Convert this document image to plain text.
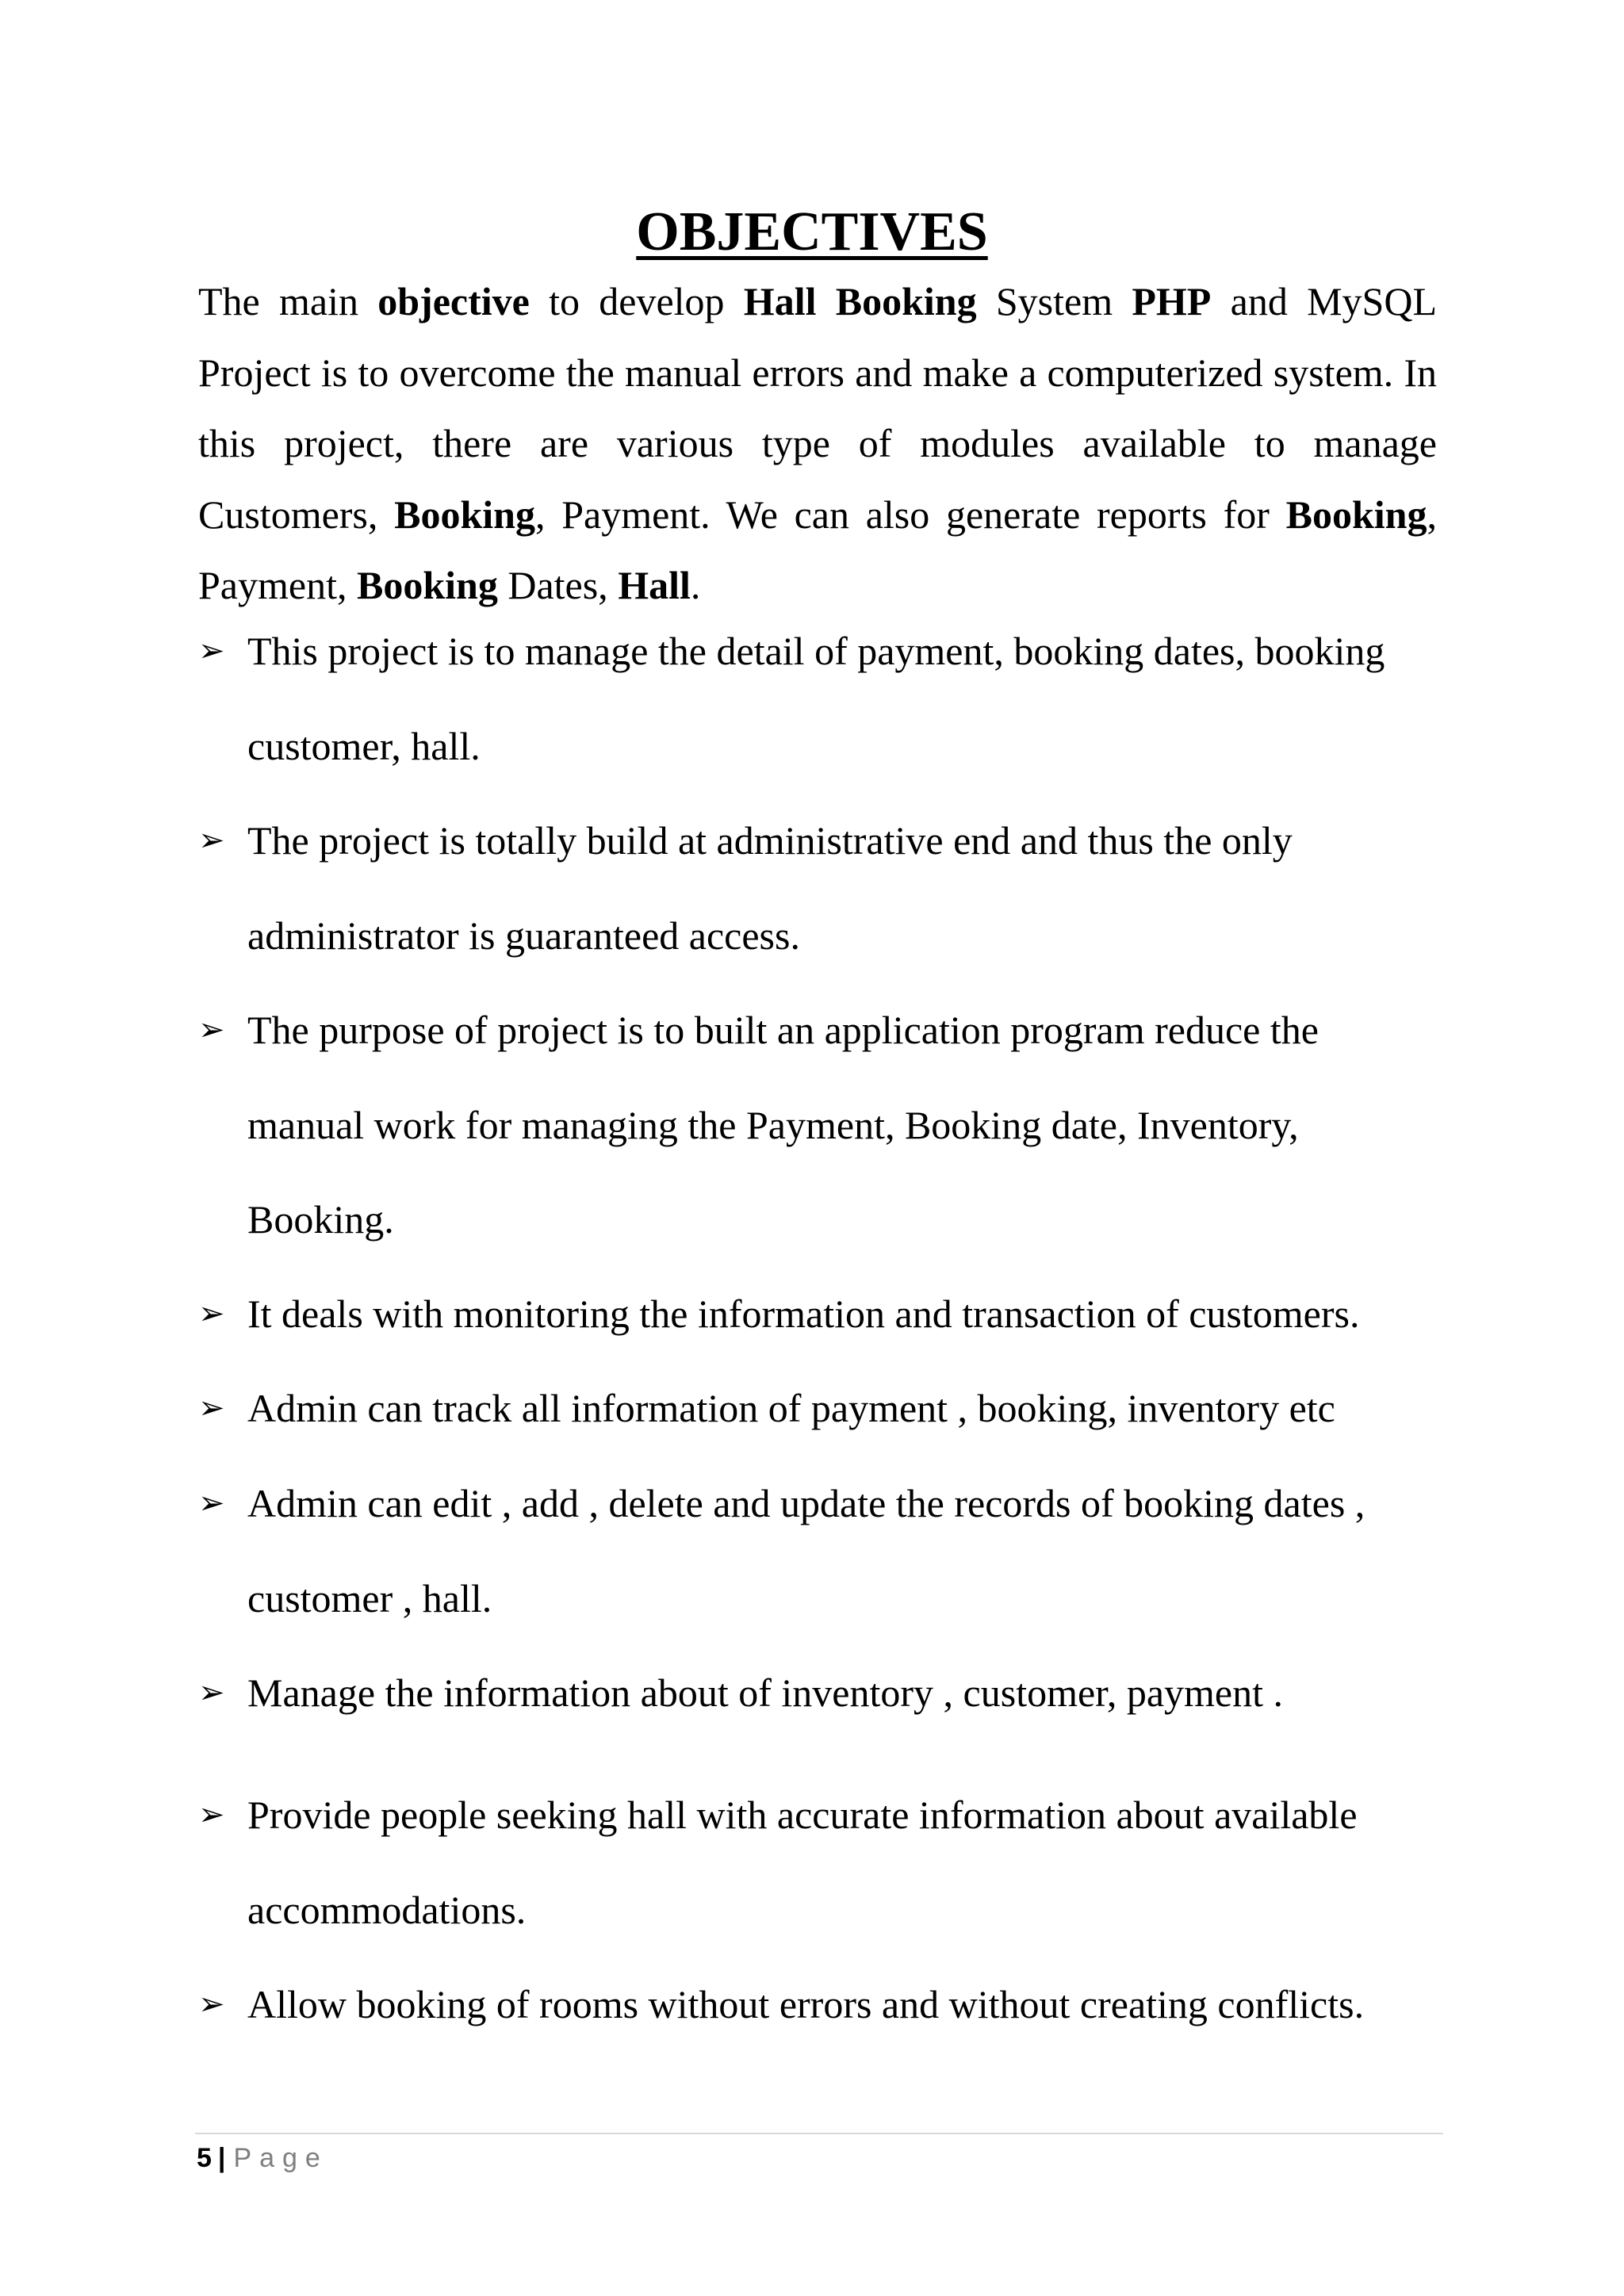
OBJECTIVES

The main objective to develop Hall Booking System PHP and MySQL Project is to overcome the manual errors and make a computerized system. In this project, there are various type of modules available to manage Customers, Booking, Payment. We can also generate reports for Booking, Payment, Booking Dates, Hall.

➢ This project is to manage the detail of payment, booking dates, booking
customer, hall.
➢ The project is totally build at administrative end and thus the only
administrator is guaranteed access.
➢ The purpose of project is to built an application program reduce the
manual work for managing the Payment, Booking date, Inventory,
Booking.
➢ It deals with monitoring the information and transaction of customers.
➢ Admin can track all information of payment , booking, inventory etc
➢ Admin can edit , add , delete and update the records of booking dates ,
customer , hall.
➢ Manage the information about of inventory , customer, payment .
➢ Provide people seeking hall with accurate information about available
accommodations.
➢ Allow booking of rooms without errors and without creating conflicts.
5 | Page
